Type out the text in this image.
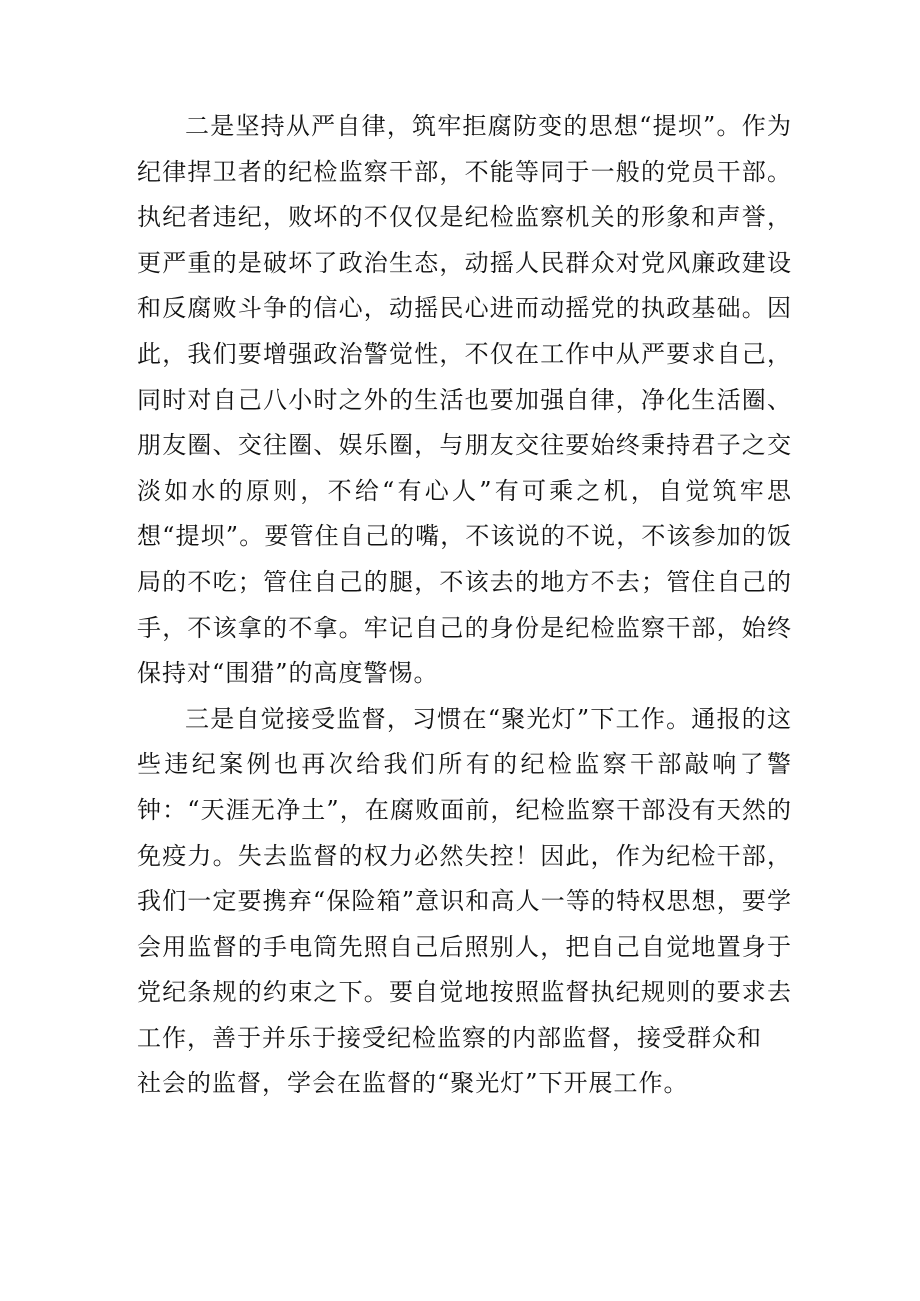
二是坚持从严自律，筑牢拒腐防变的思想“提坝”。作为纪律捍卫者的纪检监察干部，不能等同于一般的党员干部。执纪者违纪，败坏的不仅仅是纪检监察机关的形象和声誉，更严重的是破坏了政治生态，动摇人民群众对党风廉政建设和反腐败斗争的信心，动摇民心进而动摇党的执政基础。因此，我们要增强政治警觉性，不仅在工作中从严要求自己，同时对自己八小时之外的生活也要加强自律，净化生活圈、朋友圈、交往圈、娱乐圈，与朋友交往要始终秉持君子之交淡如水的原则，不给“有心人”有可乘之机，自觉筑牢思想“提坝”。要管住自己的嘴，不该说的不说，不该参加的饭局的不吃；管住自己的腿，不该去的地方不去；管住自己的手，不该拿的不拿。牢记自己的身份是纪检监察干部，始终保持对“围猎”的高度警惕。

三是自觉接受监督，习惯在“聚光灯”下工作。通报的这些违纪案例也再次给我们所有的纪检监察干部敲响了警钟：“天涯无净土”，在腐败面前，纪检监察干部没有天然的免疫力。失去监督的权力必然失控！因此，作为纪检干部，我们一定要携弃“保险箱”意识和高人一等的特权思想，要学会用监督的手电筒先照自己后照别人，把自己自觉地置身于党纪条规的约束之下。要自觉地按照监督执纪规则的要求去工作，善于并乐于接受纪检监察的内部监督，接受群众和

社会的监督，学会在监督的“聚光灯”下开展工作。
